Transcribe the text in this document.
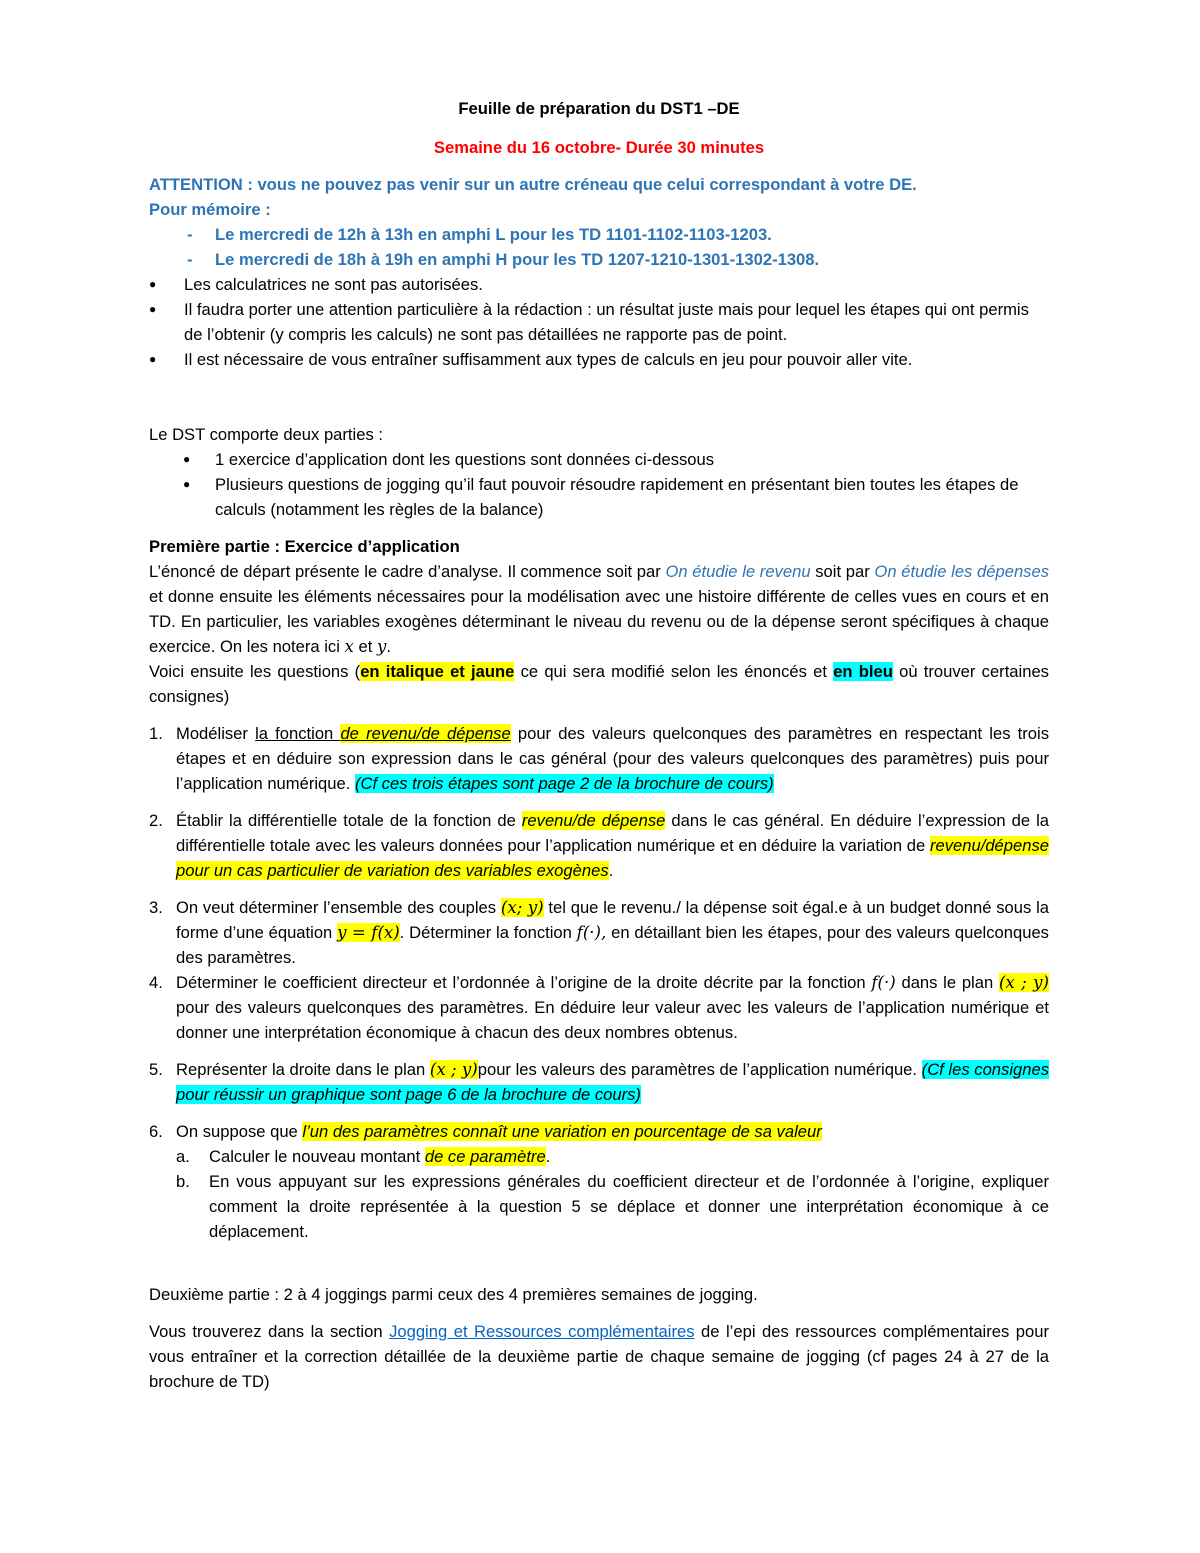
Feuille de préparation du DST1 –DE

Semaine du 16 octobre- Durée 30 minutes

ATTENTION : vous ne pouvez pas venir sur un autre créneau que celui correspondant à votre DE.

Pour mémoire :

- Le mercredi de 12h à 13h en amphi L pour les TD 1101-1102-1103-1203.
- Le mercredi de 18h à 19h en amphi H pour les TD 1207-1210-1301-1302-1308.
● Les calculatrices ne sont pas autorisées.
● Il faudra porter une attention particulière à la rédaction : un résultat juste mais pour lequel les étapes qui ont permis de l’obtenir (y compris les calculs) ne sont pas détaillées ne rapporte pas de point.
● Il est nécessaire de vous entraîner suffisamment aux types de calculs en jeu pour pouvoir aller vite.

Le DST comporte deux parties :

● 1 exercice d’application dont les questions sont données ci-dessous
● Plusieurs questions de jogging qu’il faut pouvoir résoudre rapidement en présentant bien toutes les étapes de calculs (notamment les règles de la balance)

Première partie : Exercice d’application

L’énoncé de départ présente le cadre d’analyse. Il commence soit par On étudie le revenu soit par On étudie les dépenses et donne ensuite les éléments nécessaires pour la modélisation avec une histoire différente de celles vues en cours et en TD. En particulier, les variables exogènes déterminant le niveau du revenu ou de la dépense seront spécifiques à chaque exercice. On les notera ici x et y.

Voici ensuite les questions (en italique et jaune ce qui sera modifié selon les énoncés et en bleu où trouver certaines consignes)

1. Modéliser la fonction de revenu/de dépense pour des valeurs quelconques des paramètres en respectant les trois étapes et en déduire son expression dans le cas général (pour des valeurs quelconques des paramètres) puis pour l’application numérique. (Cf ces trois étapes sont page 2 de la brochure de cours)
2. Établir la différentielle totale de la fonction de revenu/de dépense dans le cas général. En déduire l’expression de la différentielle totale avec les valeurs données pour l’application numérique et en déduire la variation de revenu/dépense pour un cas particulier de variation des variables exogènes.
3. On veut déterminer l’ensemble des couples (x; y) tel que le revenu./ la dépense soit égal.e à un budget donné sous la forme d’une équation y = f(x). Déterminer la fonction f(·), en détaillant bien les étapes, pour des valeurs quelconques des paramètres.
4. Déterminer le coefficient directeur et l’ordonnée à l’origine de la droite décrite par la fonction f(·) dans le plan (x ; y) pour des valeurs quelconques des paramètres. En déduire leur valeur avec les valeurs de l’application numérique et donner une interprétation économique à chacun des deux nombres obtenus.
5. Représenter la droite dans le plan (x ; y)pour les valeurs des paramètres de l’application numérique. (Cf les consignes pour réussir un graphique sont page 6 de la brochure de cours)
6. On suppose que l’un des paramètres connaît une variation en pourcentage de sa valeur
a. Calculer le nouveau montant de ce paramètre.
b. En vous appuyant sur les expressions générales du coefficient directeur et de l’ordonnée à l’origine, expliquer comment la droite représentée à la question 5 se déplace et donner une interprétation économique à ce déplacement.

Deuxième partie : 2 à 4 joggings parmi ceux des 4 premières semaines de jogging.

Vous trouverez dans la section Jogging et Ressources complémentaires de l’epi des ressources complémentaires pour vous entraîner et la correction détaillée de la deuxième partie de chaque semaine de jogging (cf pages 24 à 27 de la brochure de TD)
